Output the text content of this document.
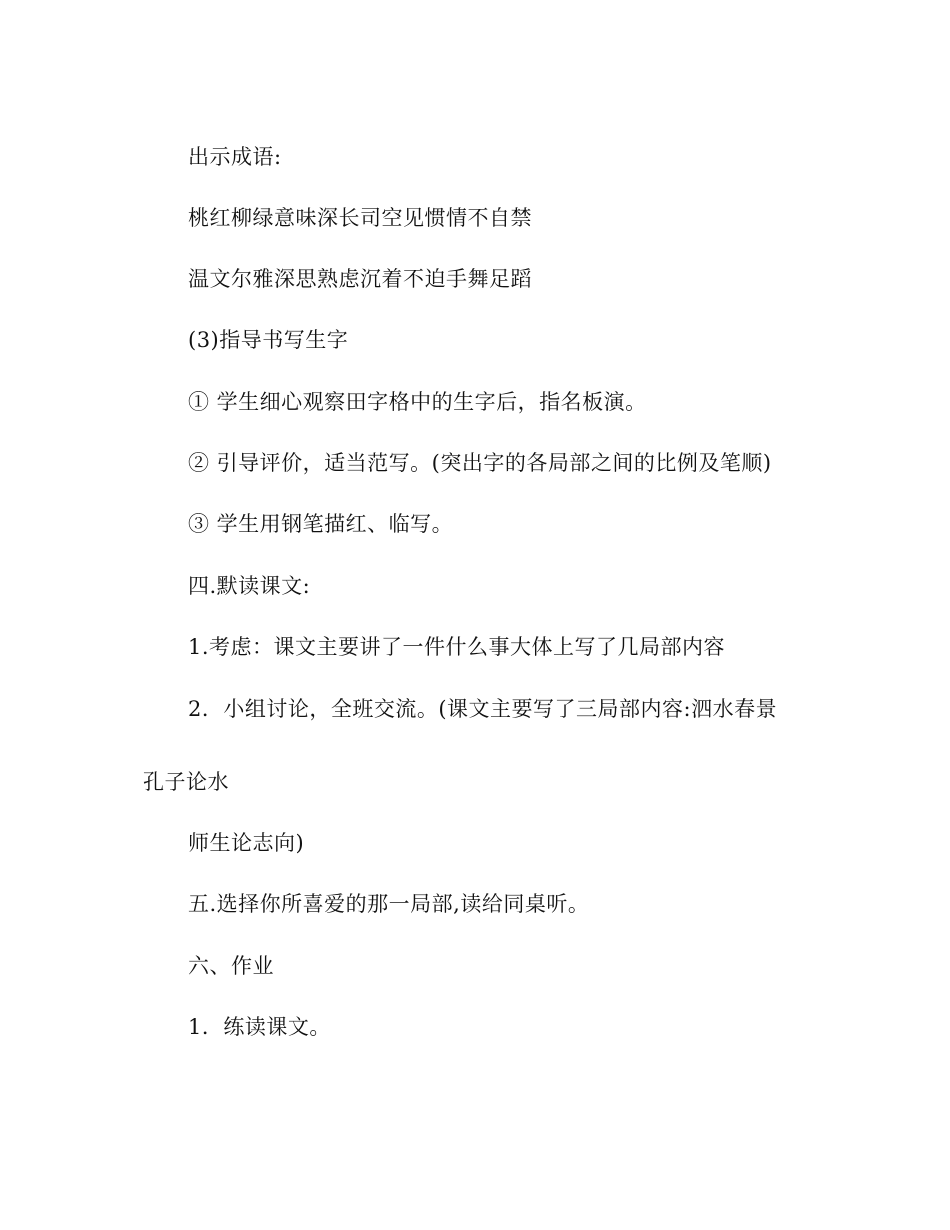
出示成语:
桃红柳绿意味深长司空见惯情不自禁
温文尔雅深思熟虑沉着不迫手舞足蹈
(3)指导书写生字
① 学生细心观察田字格中的生字后，指名板演。
② 引导评价，适当范写。(突出字的各局部之间的比例及笔顺)
③ 学生用钢笔描红、临写。
四.默读课文:
1.考虑：课文主要讲了一件什么事大体上写了几局部内容
2．小组讨论，全班交流。(课文主要写了三局部内容:泗水春景
孔子论水
师生论志向)
五.选择你所喜爱的那一局部,读给同桌听。
六、作业
1．练读课文。
